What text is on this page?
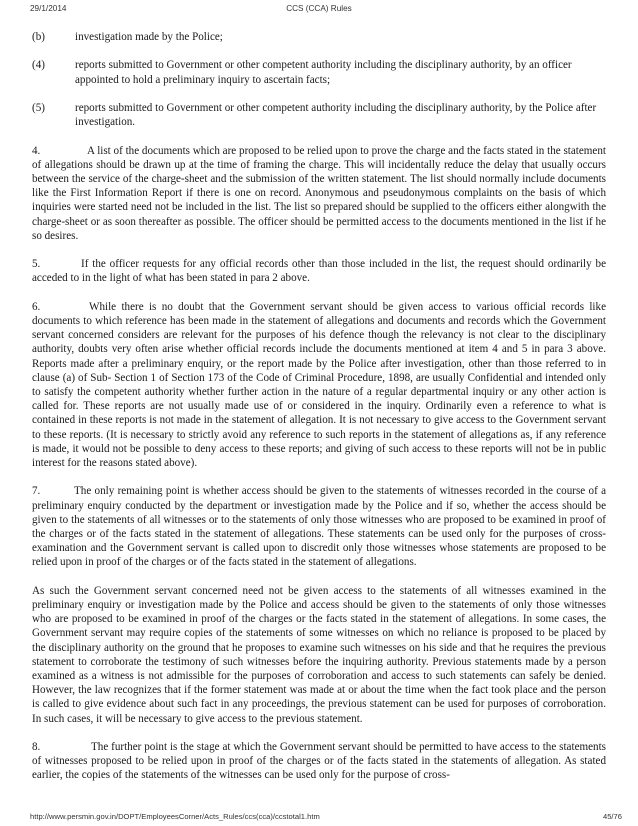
29/1/2014	CCS (CCA) Rules
(b)	investigation made by the Police;
(4)	reports submitted to Government or other competent authority including the disciplinary authority, by an officer appointed to hold a preliminary inquiry to ascertain facts;
(5)	reports submitted to Government or other competent authority including the disciplinary authority, by the Police after investigation.

4.	A list of the documents which are proposed to be relied upon to prove the charge and the facts stated in the statement of allegations should be drawn up at the time of framing the charge. This will incidentally reduce the delay that usually occurs between the service of the charge-sheet and the submission of the written statement. The list should normally include documents like the First Information Report if there is one on record. Anonymous and pseudonymous complaints on the basis of which inquiries were started need not be included in the list. The list so prepared should be supplied to the officers either alongwith the charge-sheet or as soon thereafter as possible. The officer should be permitted access to the documents mentioned in the list if he so desires.

5.	If the officer requests for any official records other than those included in the list, the request should ordinarily be acceded to in the light of what has been stated in para 2 above.

6.	While there is no doubt that the Government servant should be given access to various official records like documents to which reference has been made in the statement of allegations and documents and records which the Government servant concerned considers are relevant for the purposes of his defence though the relevancy is not clear to the disciplinary authority, doubts very often arise whether official records include the documents mentioned at item 4 and 5 in para 3 above. Reports made after a preliminary enquiry, or the report made by the Police after investigation, other than those referred to in clause (a) of Sub- Section 1 of Section 173 of the Code of Criminal Procedure, 1898, are usually Confidential and intended only to satisfy the competent authority whether further action in the nature of a regular departmental inquiry or any other action is called for. These reports are not usually made use of or considered in the inquiry. Ordinarily even a reference to what is contained in these reports is not made in the statement of allegation. It is not necessary to give access to the Government servant to these reports. (It is necessary to strictly avoid any reference to such reports in the statement of allegations as, if any reference is made, it would not be possible to deny access to these reports; and giving of such access to these reports will not be in public interest for the reasons stated above).

7.	The only remaining point is whether access should be given to the statements of witnesses recorded in the course of a preliminary enquiry conducted by the department or investigation made by the Police and if so, whether the access should be given to the statements of all witnesses or to the statements of only those witnesses who are proposed to be examined in proof of the charges or of the facts stated in the statement of allegations. These statements can be used only for the purposes of cross-examination and the Government servant is called upon to discredit only those witnesses whose statements are proposed to be relied upon in proof of the charges or of the facts stated in the statement of allegations.

As such the Government servant concerned need not be given access to the statements of all witnesses examined in the preliminary enquiry or investigation made by the Police and access should be given to the statements of only those witnesses who are proposed to be examined in proof of the charges or the facts stated in the statement of allegations. In some cases, the Government servant may require copies of the statements of some witnesses on which no reliance is proposed to be placed by the disciplinary authority on the ground that he proposes to examine such witnesses on his side and that he requires the previous statement to corroborate the testimony of such witnesses before the inquiring authority. Previous statements made by a person examined as a witness is not admissible for the purposes of corroboration and access to such statements can safely be denied. However, the law recognizes that if the former statement was made at or about the time when the fact took place and the person is called to give evidence about such fact in any proceedings, the previous statement can be used for purposes of corroboration. In such cases, it will be necessary to give access to the previous statement.

8.	The further point is the stage at which the Government servant should be permitted to have access to the statements of witnesses proposed to be relied upon in proof of the charges or of the facts stated in the statements of allegation. As stated earlier, the copies of the statements of the witnesses can be used only for the purpose of cross-

http://www.persmin.gov.in/DOPT/EmployeesCorner/Acts_Rules/ccs(cca)/ccstotal1.htm	45/76
